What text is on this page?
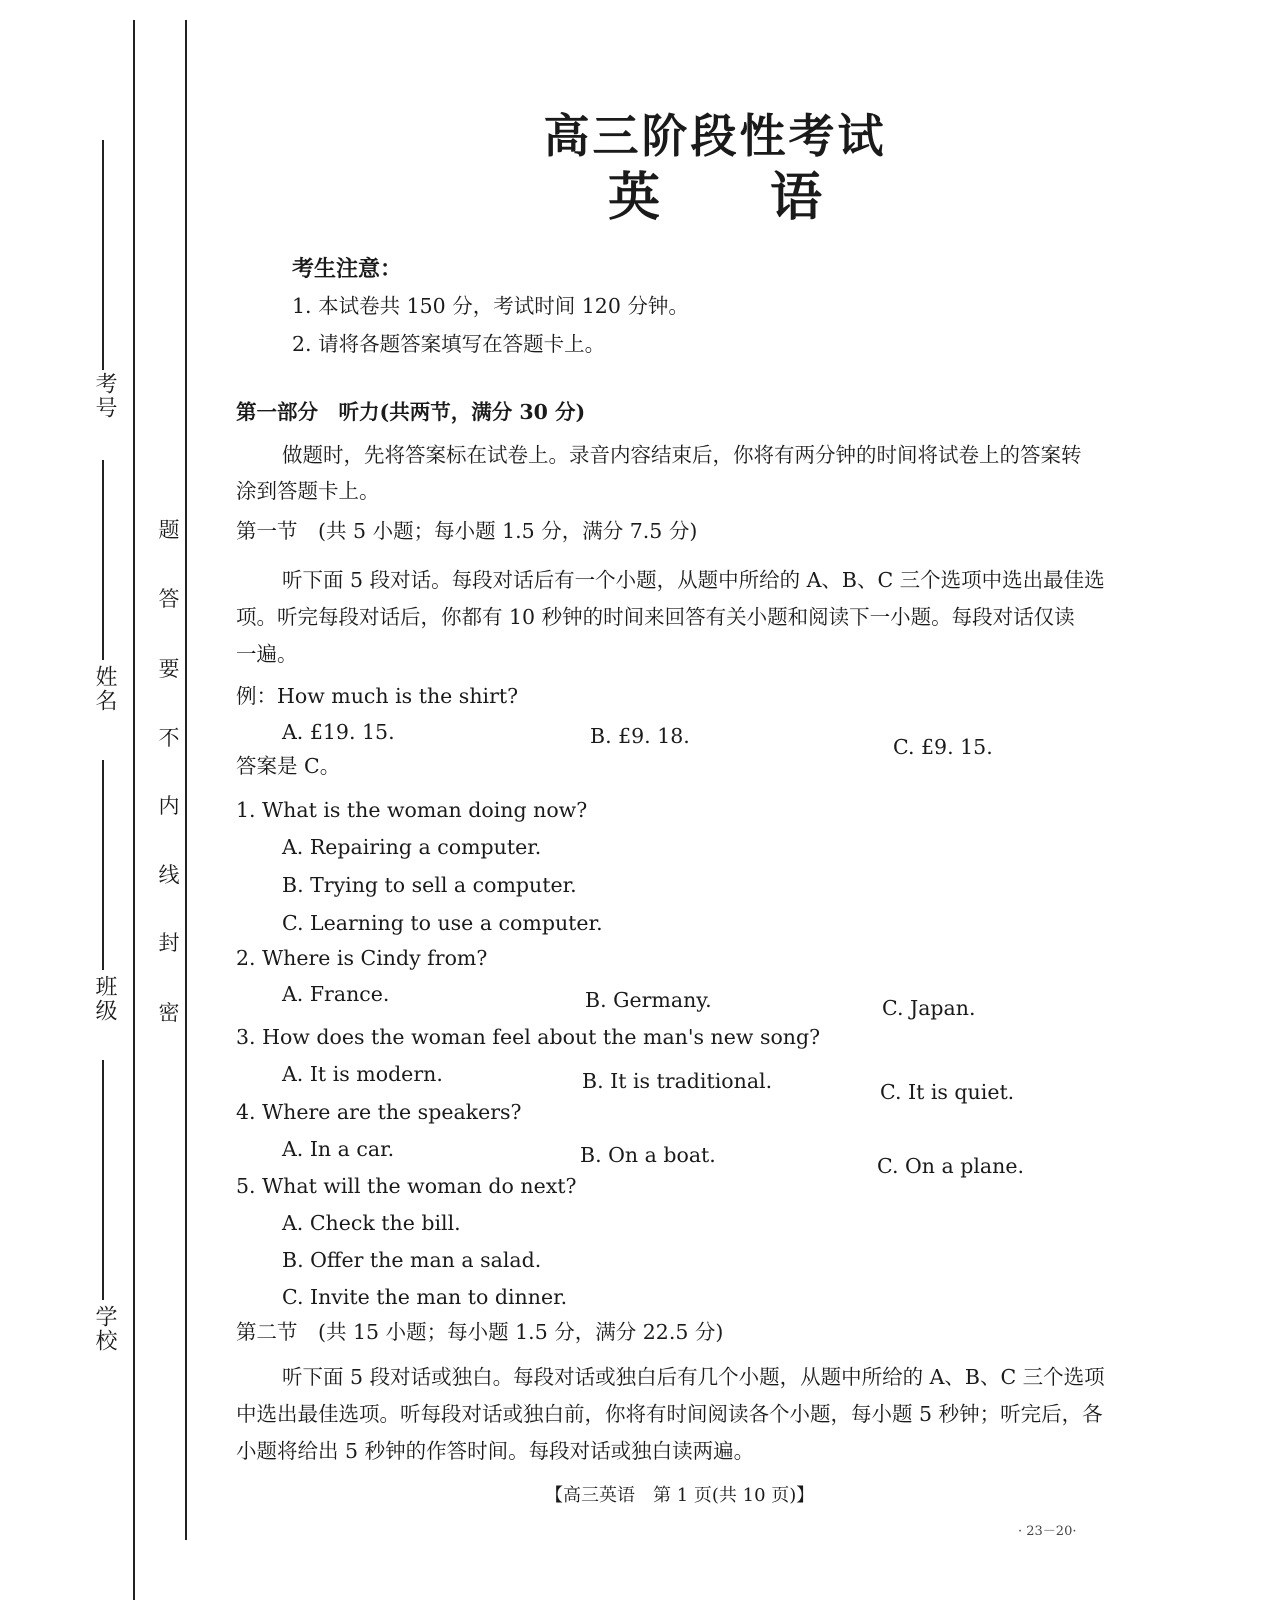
考号
姓名
班级
学校
密
封
线
内
不
要
答
题
高三阶段性考试
英 语
考生注意：
1. 本试卷共 150 分，考试时间 120 分钟。
2. 请将各题答案填写在答题卡上。
第一部分　听力(共两节，满分 30 分)
做题时，先将答案标在试卷上。录音内容结束后，你将有两分钟的时间将试卷上的答案转
涂到答题卡上。
第一节　(共 5 小题；每小题 1.5 分，满分 7.5 分)
听下面 5 段对话。每段对话后有一个小题，从题中所给的 A、B、C 三个选项中选出最佳选
项。听完每段对话后，你都有 10 秒钟的时间来回答有关小题和阅读下一小题。每段对话仅读
一遍。
例：How much is the shirt?
A. £19. 15.	B. £9. 18.	C. £9. 15.
答案是 C。
1. What is the woman doing now?
A. Repairing a computer.
B. Trying to sell a computer.
C. Learning to use a computer.
2. Where is Cindy from?
A. France.	B. Germany.	C. Japan.
3. How does the woman feel about the man's new song?
A. It is modern.	B. It is traditional.	C. It is quiet.
4. Where are the speakers?
A. In a car.	B. On a boat.	C. On a plane.
5. What will the woman do next?
A. Check the bill.
B. Offer the man a salad.
C. Invite the man to dinner.
第二节　(共 15 小题；每小题 1.5 分，满分 22.5 分)
听下面 5 段对话或独白。每段对话或独白后有几个小题，从题中所给的 A、B、C 三个选项
中选出最佳选项。听每段对话或独白前，你将有时间阅读各个小题，每小题 5 秒钟；听完后，各
小题将给出 5 秒钟的作答时间。每段对话或独白读两遍。
【高三英语　第 1 页(共 10 页)】
· 23－20·
